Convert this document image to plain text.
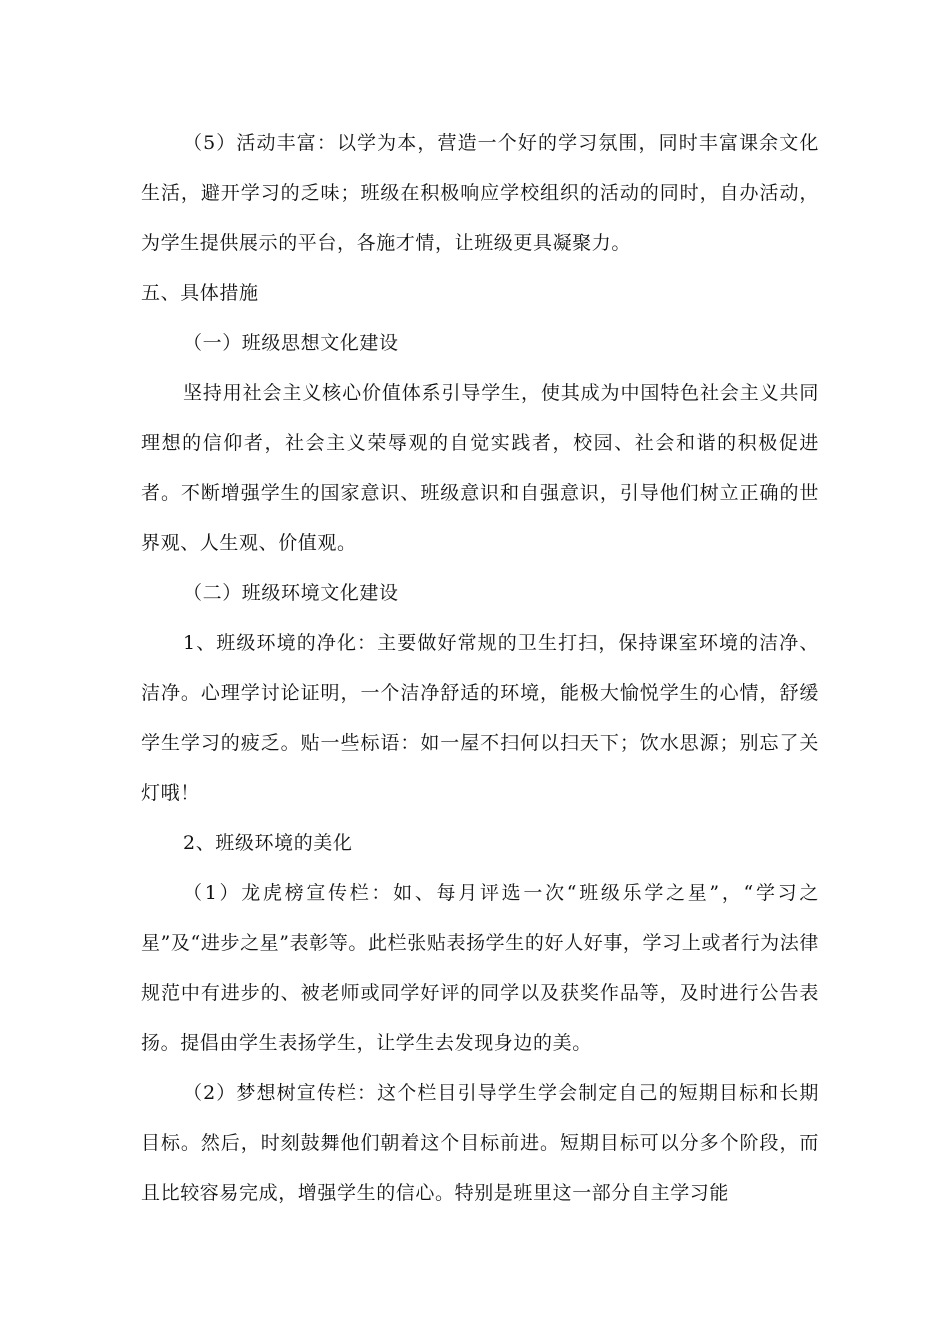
（5）活动丰富：以学为本，营造一个好的学习氛围，同时丰富课余文化生活，避开学习的乏味；班级在积极响应学校组织的活动的同时，自办活动，为学生提供展示的平台，各施才情，让班级更具凝聚力。

五、具体措施

（一）班级思想文化建设

坚持用社会主义核心价值体系引导学生，使其成为中国特色社会主义共同理想的信仰者，社会主义荣辱观的自觉实践者，校园、社会和谐的积极促进者。不断增强学生的国家意识、班级意识和自强意识，引导他们树立正确的世界观、人生观、价值观。

（二）班级环境文化建设

1、班级环境的净化：主要做好常规的卫生打扫，保持课室环境的洁净、洁净。心理学讨论证明，一个洁净舒适的环境，能极大愉悦学生的心情，舒缓学生学习的疲乏。贴一些标语：如一屋不扫何以扫天下；饮水思源；别忘了关灯哦！

2、班级环境的美化

（1）龙虎榜宣传栏：如、每月评选一次“班级乐学之星”，“学习之星”及“进步之星”表彰等。此栏张贴表扬学生的好人好事，学习上或者行为法律规范中有进步的、被老师或同学好评的同学以及获奖作品等，及时进行公告表扬。提倡由学生表扬学生，让学生去发现身边的美。

（2）梦想树宣传栏：这个栏目引导学生学会制定自己的短期目标和长期目标。然后，时刻鼓舞他们朝着这个目标前进。短期目标可以分多个阶段，而且比较容易完成，增强学生的信心。特别是班里这一部分自主学习能
